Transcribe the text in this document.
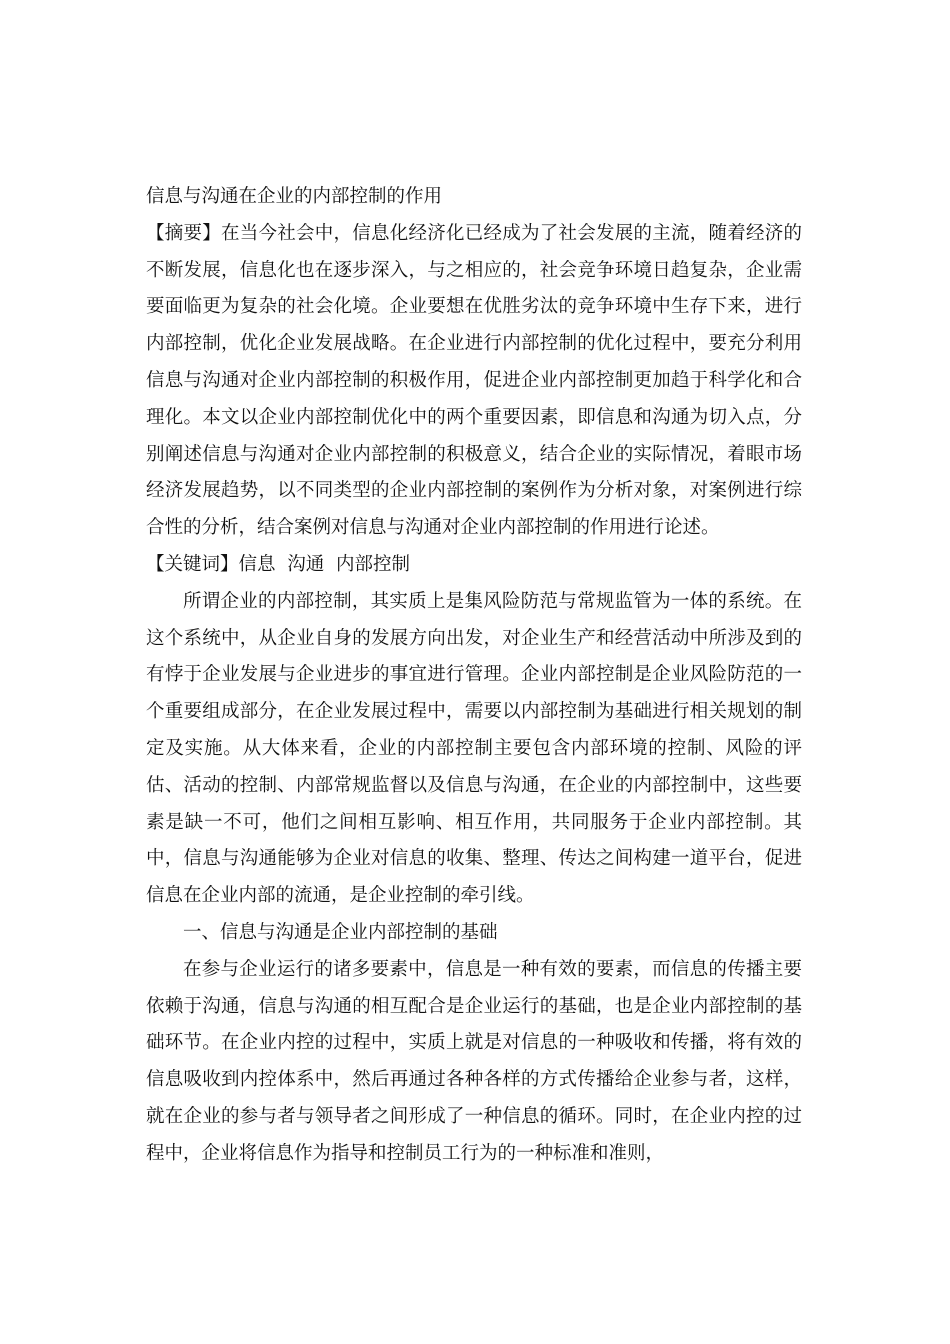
信息与沟通在企业的内部控制的作用

【摘要】在当今社会中，信息化经济化已经成为了社会发展的主流，随着经济的不断发展，信息化也在逐步深入，与之相应的，社会竞争环境日趋复杂，企业需要面临更为复杂的社会化境。企业要想在优胜劣汰的竞争环境中生存下来，进行内部控制，优化企业发展战略。在企业进行内部控制的优化过程中，要充分利用信息与沟通对企业内部控制的积极作用，促进企业内部控制更加趋于科学化和合理化。本文以企业内部控制优化中的两个重要因素，即信息和沟通为切入点，分别阐述信息与沟通对企业内部控制的积极意义，结合企业的实际情况，着眼市场经济发展趋势，以不同类型的企业内部控制的案例作为分析对象，对案例进行综合性的分析，结合案例对信息与沟通对企业内部控制的作用进行论述。

【关键词】信息  沟通  内部控制

所谓企业的内部控制，其实质上是集风险防范与常规监管为一体的系统。在这个系统中，从企业自身的发展方向出发，对企业生产和经营活动中所涉及到的有悖于企业发展与企业进步的事宜进行管理。企业内部控制是企业风险防范的一个重要组成部分，在企业发展过程中，需要以内部控制为基础进行相关规划的制定及实施。从大体来看，企业的内部控制主要包含内部环境的控制、风险的评估、活动的控制、内部常规监督以及信息与沟通，在企业的内部控制中，这些要素是缺一不可，他们之间相互影响、相互作用，共同服务于企业内部控制。其中，信息与沟通能够为企业对信息的收集、整理、传达之间构建一道平台，促进信息在企业内部的流通，是企业控制的牵引线。

一、信息与沟通是企业内部控制的基础

在参与企业运行的诸多要素中，信息是一种有效的要素，而信息的传播主要依赖于沟通，信息与沟通的相互配合是企业运行的基础，也是企业内部控制的基础环节。在企业内控的过程中，实质上就是对信息的一种吸收和传播，将有效的信息吸收到内控体系中，然后再通过各种各样的方式传播给企业参与者，这样，就在企业的参与者与领导者之间形成了一种信息的循环。同时，在企业内控的过程中，企业将信息作为指导和控制员工行为的一种标准和准则，
